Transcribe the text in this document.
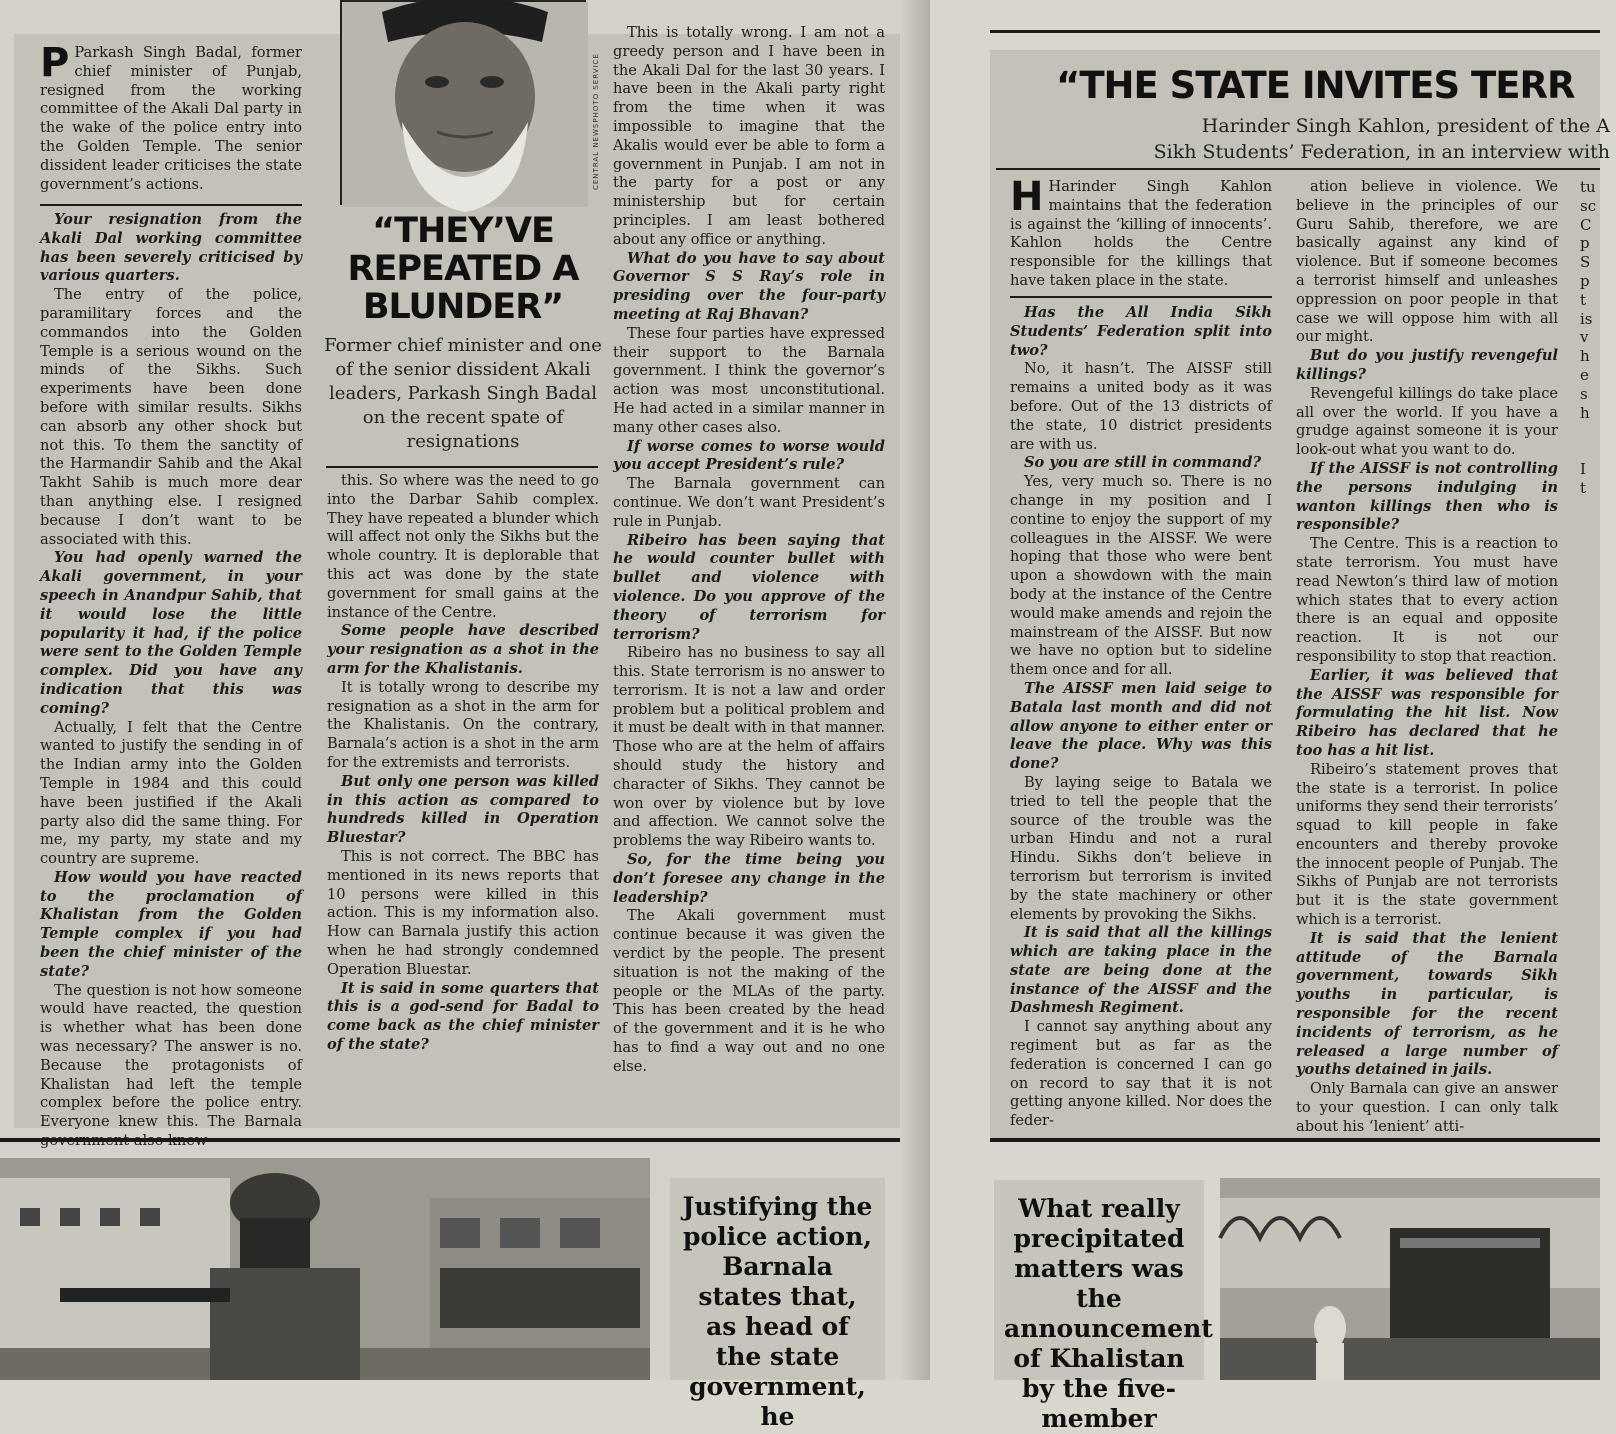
P Parkash Singh Badal, former chief minister of Punjab, resigned from the working committee of the Akali Dal party in the wake of the police entry into the Golden Temple. The senior dissident leader criticises the state government’s actions.

Your resignation from the Akali Dal working committee has been severely criticised by various quarters.

The entry of the police, paramilitary forces and the commandos into the Golden Temple is a serious wound on the minds of the Sikhs. Such experiments have been done before with similar results. Sikhs can absorb any other shock but not this. To them the sanctity of the Harmandir Sahib and the Akal Takht Sahib is much more dear than anything else. I resigned because I don’t want to be associated with this.

You had openly warned the Akali government, in your speech in Anandpur Sahib, that it would lose the little popularity it had, if the police were sent to the Golden Temple complex. Did you have any indication that this was coming?

Actually, I felt that the Centre wanted to justify the sending in of the Indian army into the Golden Temple in 1984 and this could have been justified if the Akali party also did the same thing. For me, my party, my state and my country are supreme.

How would you have reacted to the proclamation of Khalistan from the Golden Temple complex if you had been the chief minister of the state?

The question is not how someone would have reacted, the question is whether what has been done was necessary? The answer is no. Because the protagonists of Khalistan had left the temple complex before the police entry. Everyone knew this. The Barnala

CENTRAL NEWSPHOTO SERVICE
“THEY’VE REPEATED A BLUNDER”
Former chief minister and one of the senior dissident Akali leaders, Parkash Singh Badal on the recent spate of resignations

this. So where was the need to go into the Darbar Sahib complex. They have repeated a blunder which will affect not only the Sikhs but the whole country. It is deplorable that this act was done by the state government for small gains at the instance of the Centre.

Some people have described your resignation as a shot in the arm for the Khalistanis.

It is totally wrong to describe my resignation as a shot in the arm for the Khalistanis. On the contrary, Barnala’s action is a shot in the arm for the extremists and terrorists.

But only one person was killed in this action as compared to hundreds killed in Operation Bluestar?

This is not correct. The BBC has mentioned in its news reports that 10 persons were killed in this action. This is my information also. How can Barnala justify this action when he had strongly condemned Operation Bluestar.

It is said in some quarters that this is a god-send for Badal to come back as the chief minister of the state?

This is totally wrong. I am not a greedy person and I have been in the Akali Dal for the last 30 years. I have been in the Akali party right from the time when it was impossible to imagine that the Akalis would ever be able to form a government in Punjab. I am not in the party for a post or any ministership but for certain principles. I am least bothered about any office or anything.

What do you have to say about Governor S S Ray’s role in presiding over the four-party meeting at Raj Bhavan?

These four parties have expressed their support to the Barnala government. I think the governor’s action was most unconstitutional. He had acted in a similar manner in many other cases also.

If worse comes to worse would you accept President’s rule?

The Barnala government can continue. We don’t want President’s rule in Punjab.

Ribeiro has been saying that he would counter bullet with bullet and violence with violence. Do you approve of the theory of terrorism for terrorism?

Ribeiro has no business to say all this. State terrorism is no answer to terrorism. It is not a law and order problem but a political problem and it must be dealt with in that manner. Those who are at the helm of affairs should study the history and character of Sikhs. They cannot be won over by violence but by love and affection. We cannot solve the problems the way Ribeiro wants to.

So, for the time being you don’t foresee any change in the leadership?

The Akali government must continue because it was given the verdict by the people. The present situation is not the making of the people or the MLAs of the party. This has been created by the head of the government and it is he who has to find a way out and no one else.

Justifying the police action, Barnala states that, as head of the state government, he
“THE STATE INVITES TERR
Harinder Singh Kahlon, president of the A
Sikh Students’ Federation, in an interview with

H Harinder Singh Kahlon maintains that the federation is against the ‘killing of innocents’. Kahlon holds the Centre responsible for the killings that have taken place in the state.

Has the All India Sikh Students’ Federation split into two?

No, it hasn’t. The AISSF still remains a united body as it was before. Out of the 13 districts of the state, 10 district presidents are with us.

So you are still in command?

Yes, very much so. There is no change in my position and I contine to enjoy the support of my colleagues in the AISSF. We were hoping that those who were bent upon a showdown with the main body at the instance of the Centre would make amends and rejoin the mainstream of the AISSF. But now we have no option but to sideline them once and for all.

The AISSF men laid seige to Batala last month and did not allow anyone to either enter or leave the place. Why was this done?

By laying seige to Batala we tried to tell the people that the source of the trouble was the urban Hindu and not a rural Hindu. Sikhs don’t believe in terrorism but terrorism is invited by the state machinery or other elements by provoking the Sikhs.

It is said that all the killings which are taking place in the state are being done at the instance of the AISSF and the Dashmesh Regiment.

I cannot say anything about any regiment but as far as the federation is concerned I can go on record to say that it is not getting anyone killed. Nor does the feder-

ation believe in violence. We believe in the principles of our Guru Sahib, therefore, we are basically against any kind of violence. But if someone becomes a terrorist himself and unleashes oppression on poor people in that case we will oppose him with all our might.

But do you justify revengeful killings?

Revengeful killings do take place all over the world. If you have a grudge against someone it is your look-out what you want to do.

If the AISSF is not controlling the persons indulging in wanton killings then who is responsible?

The Centre. This is a reaction to state terrorism. You must have read Newton’s third law of motion which states that to every action there is an equal and opposite reaction. It is not our responsibility to stop that reaction.

Earlier, it was believed that the AISSF was responsible for formulating the hit list. Now Ribeiro has declared that he too has a hit list.

Ribeiro’s statement proves that the state is a terrorist. In police uniforms they send their terrorists’ squad to kill people in fake encounters and thereby provoke the innocent people of Punjab. The Sikhs of Punjab are not terrorists but it is the state government which is a terrorist.

It is said that the lenient attitude of the Barnala government, towards Sikh youths in particular, is responsible for the recent incidents of terrorism, as he released a large number of youths detained in jails.

Only Barnala can give an answer to your question. I can only talk about his ‘lenient’ atti-

tu
sc
C
p
S
p
t
is
v
h
e
s
h

I
t
What really precipitated matters was the announcement of Khalistan by the five-member
